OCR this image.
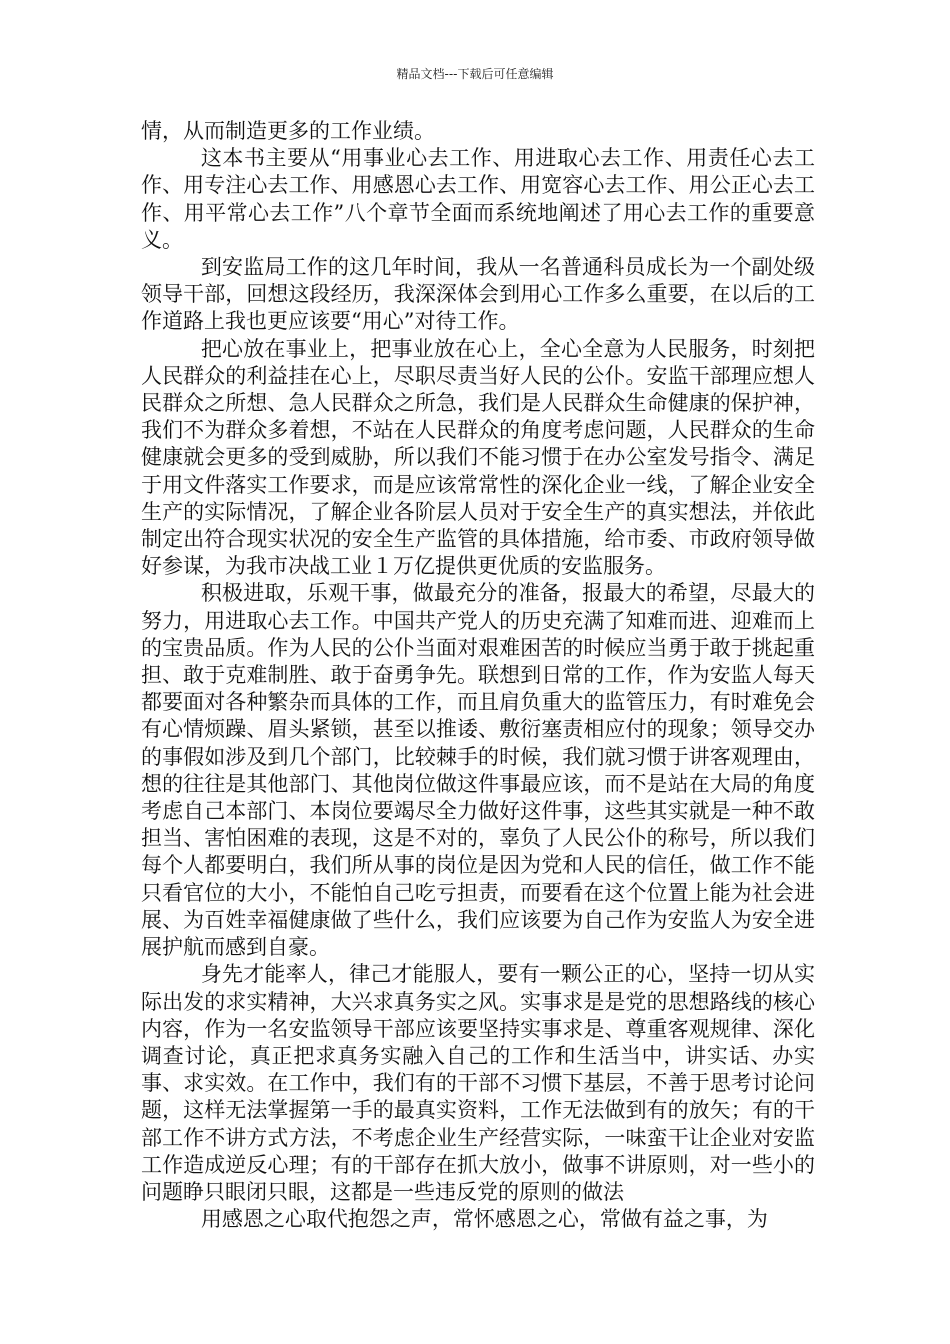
精品文档---下载后可任意编辑

情，从而制造更多的工作业绩。

这本书主要从“用事业心去工作、用进取心去工作、用责任心去工作、用专注心去工作、用感恩心去工作、用宽容心去工作、用公正心去工作、用平常心去工作”八个章节全面而系统地阐述了用心去工作的重要意义。

到安监局工作的这几年时间，我从一名普通科员成长为一个副处级领导干部，回想这段经历，我深深体会到用心工作多么重要，在以后的工作道路上我也更应该要“用心”对待工作。

把心放在事业上，把事业放在心上，全心全意为人民服务，时刻把人民群众的利益挂在心上，尽职尽责当好人民的公仆。安监干部理应想人民群众之所想、急人民群众之所急，我们是人民群众生命健康的保护神，我们不为群众多着想，不站在人民群众的角度考虑问题，人民群众的生命健康就会更多的受到威胁，所以我们不能习惯于在办公室发号指令、满足于用文件落实工作要求，而是应该常常性的深化企业一线，了解企业安全生产的实际情况，了解企业各阶层人员对于安全生产的真实想法，并依此制定出符合现实状况的安全生产监管的具体措施，给市委、市政府领导做好参谋，为我市决战工业１万亿提供更优质的安监服务。

积极进取，乐观干事，做最充分的准备，报最大的希望，尽最大的努力，用进取心去工作。中国共产党人的历史充满了知难而进、迎难而上的宝贵品质。作为人民的公仆当面对艰难困苦的时候应当勇于敢于挑起重担、敢于克难制胜、敢于奋勇争先。联想到日常的工作，作为安监人每天都要面对各种繁杂而具体的工作，而且肩负重大的监管压力，有时难免会有心情烦躁、眉头紧锁，甚至以推诿、敷衍塞责相应付的现象；领导交办的事假如涉及到几个部门，比较棘手的时候，我们就习惯于讲客观理由，想的往往是其他部门、其他岗位做这件事最应该，而不是站在大局的角度考虑自己本部门、本岗位要竭尽全力做好这件事，这些其实就是一种不敢担当、害怕困难的表现，这是不对的，辜负了人民公仆的称号，所以我们每个人都要明白，我们所从事的岗位是因为党和人民的信任，做工作不能只看官位的大小，不能怕自己吃亏担责，而要看在这个位置上能为社会进展、为百姓幸福健康做了些什么，我们应该要为自己作为安监人为安全进展护航而感到自豪。

身先才能率人，律己才能服人，要有一颗公正的心，坚持一切从实际出发的求实精神，大兴求真务实之风。实事求是是党的思想路线的核心内容，作为一名安监领导干部应该要坚持实事求是、尊重客观规律、深化调查讨论，真正把求真务实融入自己的工作和生活当中，讲实话、办实事、求实效。在工作中，我们有的干部不习惯下基层，不善于思考讨论问题，这样无法掌握第一手的最真实资料，工作无法做到有的放矢；有的干部工作不讲方式方法，不考虑企业生产经营实际，一味蛮干让企业对安监工作造成逆反心理；有的干部存在抓大放小，做事不讲原则，对一些小的问题睁只眼闭只眼，这都是一些违反党的原则的做法

用感恩之心取代抱怨之声，常怀感恩之心，常做有益之事，为
